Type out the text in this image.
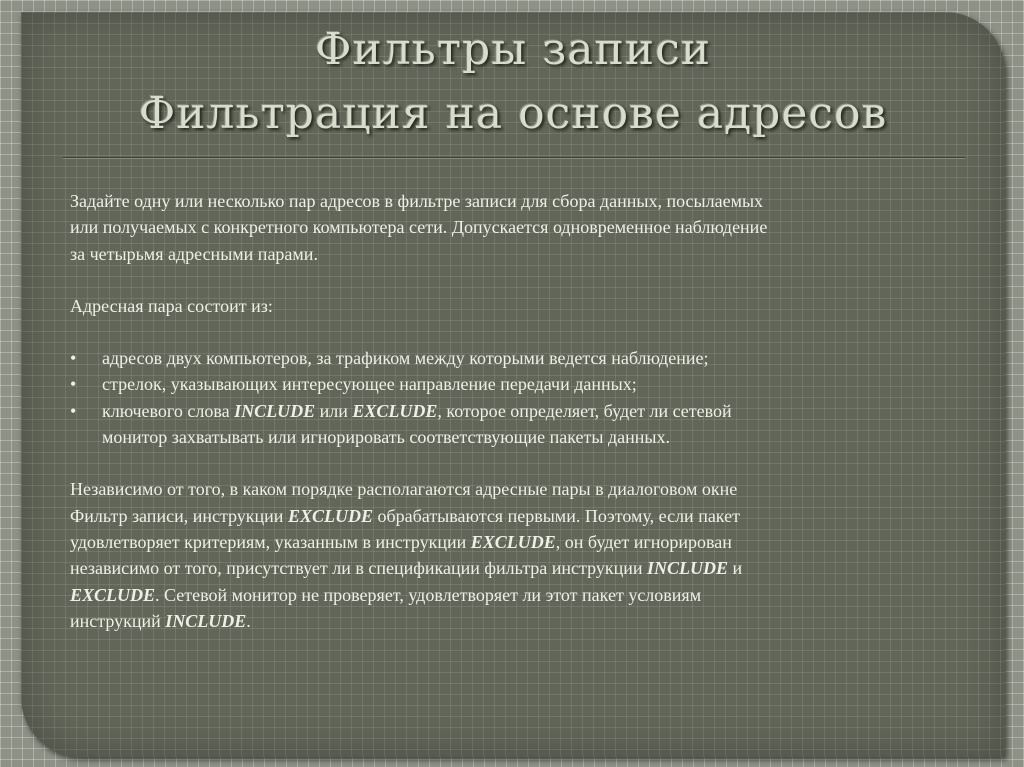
Фильтры записи
Фильтрация на основе адресов

Задайте одну или несколько пар адресов в фильтре записи для сбора данных, посылаемых
или получаемых с конкретного компьютера сети. Допускается одновременное наблюдение
за четырьмя адресными парами.

Адресная пара состоит из:

• адресов двух компьютеров, за трафиком между которыми ведется наблюдение;
• стрелок, указывающих интересующее направление передачи данных;
• ключевого слова INCLUDE или EXCLUDE, которое определяет, будет ли сетевой
монитор захватывать или игнорировать соответствующие пакеты данных.

Независимо от того, в каком порядке располагаются адресные пары в диалоговом окне
Фильтр записи, инструкции EXCLUDE обрабатываются первыми. Поэтому, если пакет
удовлетворяет критериям, указанным в инструкции EXCLUDE, он будет игнорирован
независимо от того, присутствует ли в спецификации фильтра инструкции INCLUDE и
EXCLUDE. Сетевой монитор не проверяет, удовлетворяет ли этот пакет условиям
инструкций INCLUDE.
